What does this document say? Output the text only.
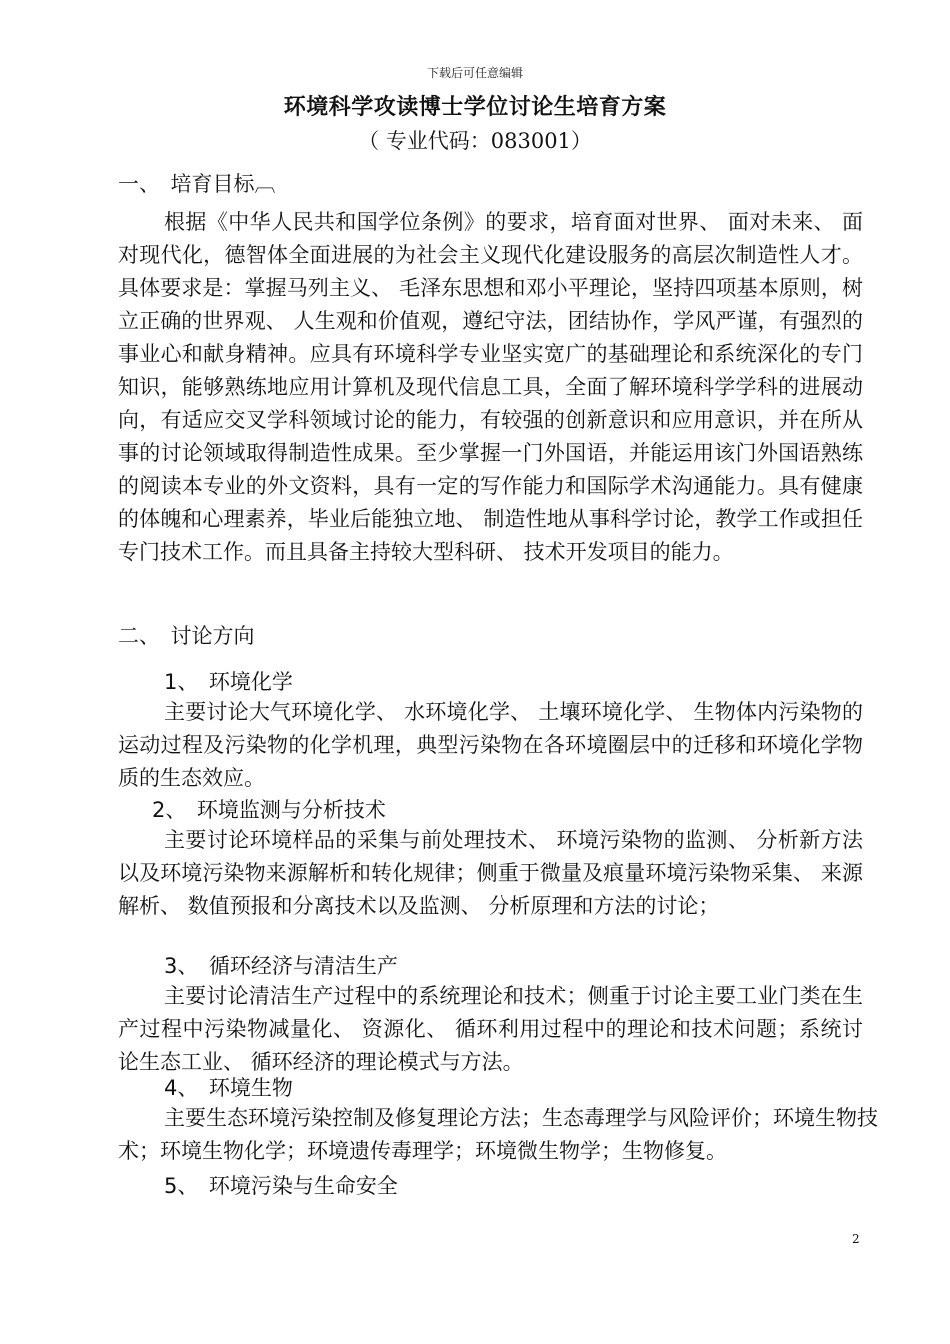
下载后可任意编辑
环境科学攻读博士学位讨论生培育方案
（ 专业代码：083001）
一、　培育目标︹
根据《中华人民共和国学位条例》的要求，培育面对世界、 面对未来、 面对现代化，德智体全面进展的为社会主义现代化建设服务的高层次制造性人才。具体要求是：掌握马列主义、 毛泽东思想和邓小平理论，坚持四项基本原则，树立正确的世界观、 人生观和价值观，遵纪守法，团结协作，学风严谨，有强烈的事业心和献身精神。应具有环境科学专业坚实宽广的基础理论和系统深化的专门知识，能够熟练地应用计算机及现代信息工具，全面了解环境科学学科的进展动向，有适应交叉学科领域讨论的能力，有较强的创新意识和应用意识，并在所从事的讨论领域取得制造性成果。至少掌握一门外国语，并能运用该门外国语熟练的阅读本专业的外文资料，具有一定的写作能力和国际学术沟通能力。具有健康的体魄和心理素养，毕业后能独立地、 制造性地从事科学讨论，教学工作或担任专门技术工作。而且具备主持较大型科研、 技术开发项目的能力。
二、　讨论方向
1、　环境化学
主要讨论大气环境化学、 水环境化学、 土壤环境化学、 生物体内污染物的运动过程及污染物的化学机理，典型污染物在各环境圈层中的迁移和环境化学物质的生态效应。
2、　环境监测与分析技术
主要讨论环境样品的采集与前处理技术、 环境污染物的监测、 分析新方法以及环境污染物来源解析和转化规律；侧重于微量及痕量环境污染物采集、 来源解析、 数值预报和分离技术以及监测、 分析原理和方法的讨论；
3、　循环经济与清洁生产
主要讨论清洁生产过程中的系统理论和技术；侧重于讨论主要工业门类在生产过程中污染物减量化、 资源化、 循环利用过程中的理论和技术问题；系统讨论生态工业、 循环经济的理论模式与方法。
4、　环境生物
主要生态环境污染控制及修复理论方法；生态毒理学与风险评价；环境生物技术；环境生物化学；环境遗传毒理学；环境微生物学；生物修复。
5、　环境污染与生命安全
2
